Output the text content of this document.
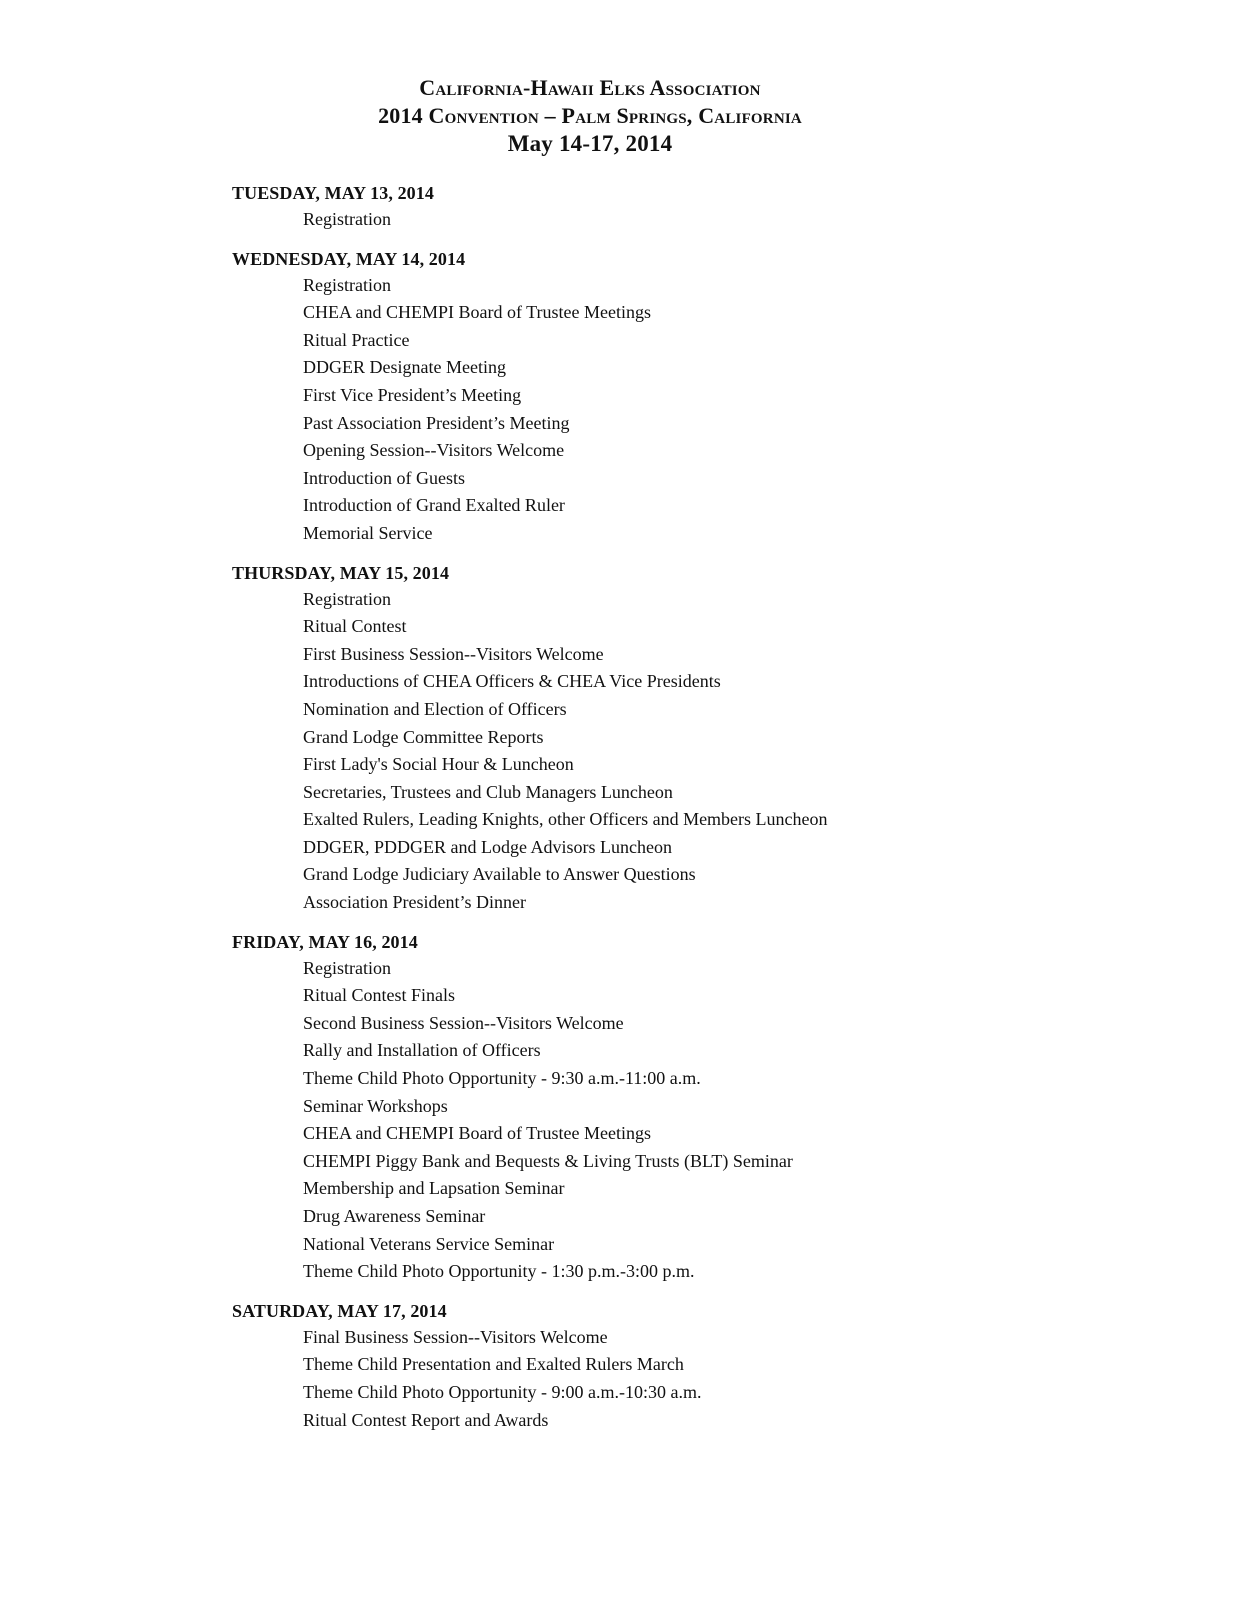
California-Hawaii Elks Association
2014 Convention – Palm Springs, California
May 14-17, 2014
TUESDAY, MAY 13, 2014
Registration
WEDNESDAY, MAY 14, 2014
Registration
CHEA and CHEMPI Board of Trustee Meetings
Ritual Practice
DDGER Designate Meeting
First Vice President’s Meeting
Past Association President’s Meeting
Opening Session--Visitors Welcome
Introduction of Guests
Introduction of Grand Exalted Ruler
Memorial Service
THURSDAY, MAY 15, 2014
Registration
Ritual Contest
First Business Session--Visitors Welcome
Introductions of CHEA Officers & CHEA Vice Presidents
Nomination and Election of Officers
Grand Lodge Committee Reports
First Lady's Social Hour & Luncheon
Secretaries, Trustees and Club Managers Luncheon
Exalted Rulers, Leading Knights, other Officers and Members Luncheon
DDGER, PDDGER and Lodge Advisors Luncheon
Grand Lodge Judiciary Available to Answer Questions
Association President’s Dinner
FRIDAY, MAY 16, 2014
Registration
Ritual Contest Finals
Second Business Session--Visitors Welcome
Rally and Installation of Officers
Theme Child Photo Opportunity - 9:30 a.m.-11:00 a.m.
Seminar Workshops
CHEA and CHEMPI Board of Trustee Meetings
CHEMPI Piggy Bank and Bequests & Living Trusts (BLT) Seminar
Membership and Lapsation Seminar
Drug Awareness Seminar
National Veterans Service Seminar
Theme Child Photo Opportunity - 1:30 p.m.-3:00 p.m.
SATURDAY, MAY 17, 2014
Final Business Session--Visitors Welcome
Theme Child Presentation and Exalted Rulers March
Theme Child Photo Opportunity - 9:00 a.m.-10:30 a.m.
Ritual Contest Report and Awards
